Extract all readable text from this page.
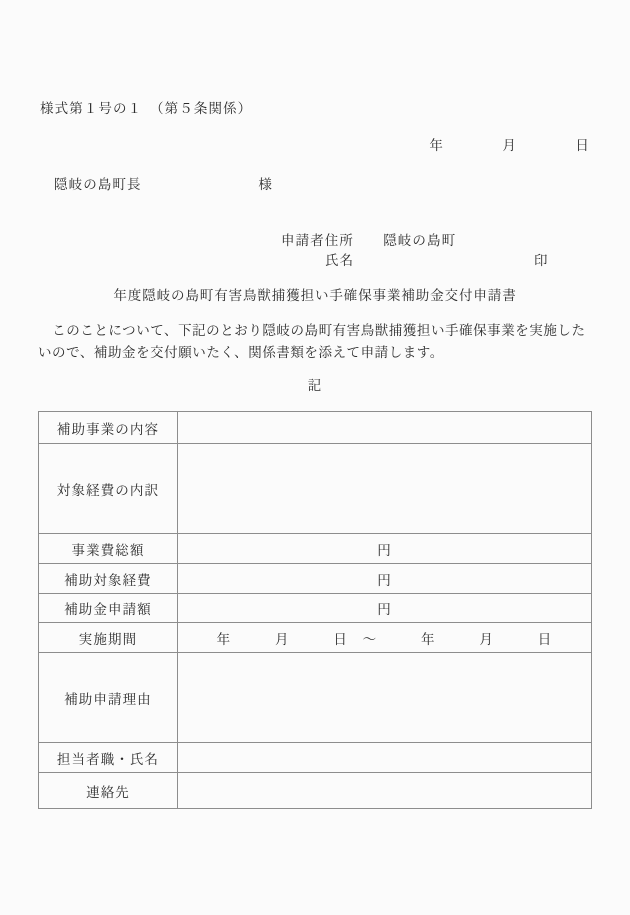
様式第１号の１　（第５条関係）
年　　　　月　　　　日
隠岐の島町長　　　　　　　　様
申請者住所　　隠岐の島町
氏名	印
年度隠岐の島町有害鳥獣捕獲担い手確保事業補助金交付申請書
このことについて、下記のとおり隠岐の島町有害鳥獣捕獲担い手確保事業を実施した
いので、補助金を交付願いたく、関係書類を添えて申請します。
記
補助事業の内容	
対象経費の内訳	
事業費総額	円
補助対象経費	円
補助金申請額	円
実施期間	年　　　月　　　日　～　　　年　　　月　　　日
補助申請理由	
担当者職・氏名	
連絡先	
